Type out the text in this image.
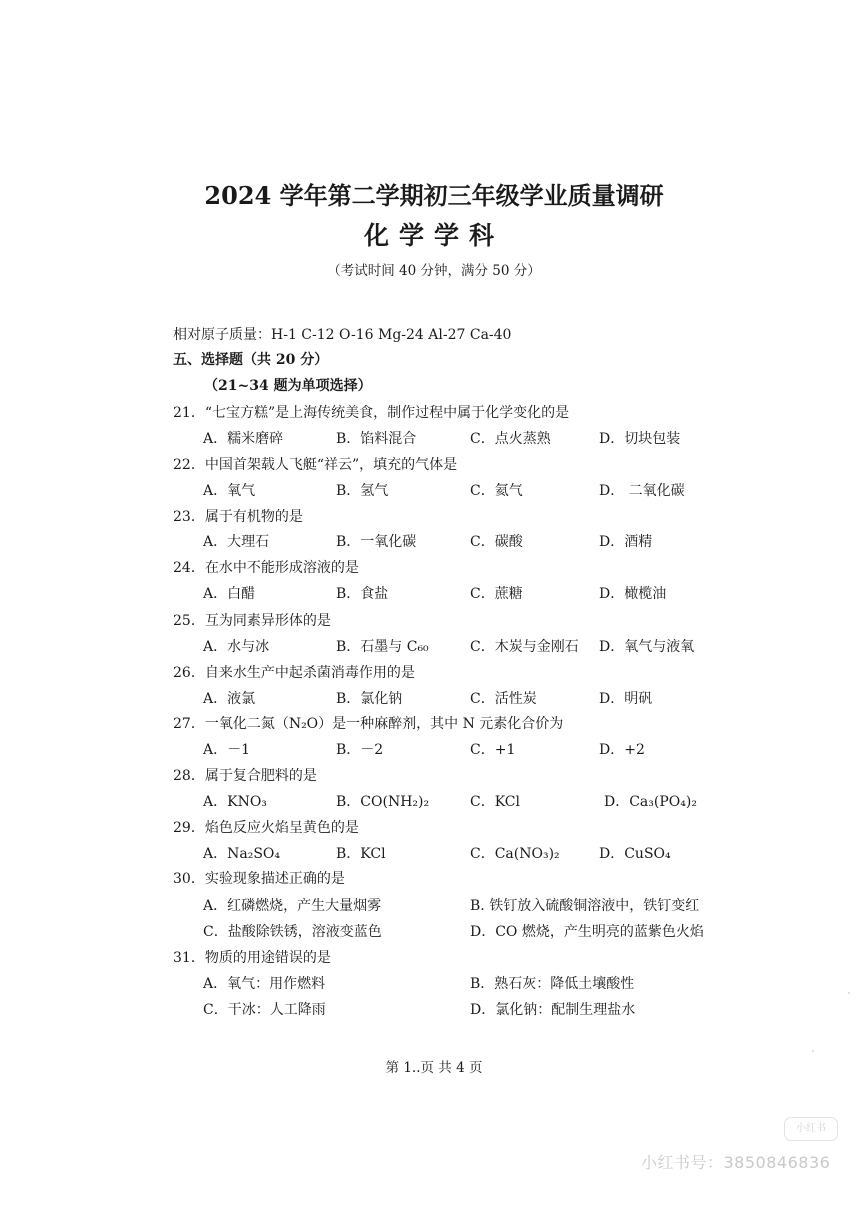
2024 学年第二学期初三年级学业质量调研
化学学科
（考试时间 40 分钟，满分 50 分）
相对原子质量：H-1 C-12 O-16 Mg-24 Al-27 Ca-40
五、选择题（共 20 分）
（21~34 题为单项选择）
21．“七宝方糕”是上海传统美食，制作过程中属于化学变化的是
A．糯米磨碎	B．馅料混合	C．点火蒸熟	D．切块包装
22．中国首架载人飞艇“祥云”，填充的气体是
A．氧气	B．氢气	C．氦气	D． 二氧化碳
23．属于有机物的是
A．大理石	B．一氧化碳	C．碳酸	D．酒精
24．在水中不能形成溶液的是
A．白醋	B．食盐	C．蔗糖	D．橄榄油
25．互为同素异形体的是
A．水与冰	B．石墨与 C₆₀	C．木炭与金刚石 D．氧气与液氧
26．自来水生产中起杀菌消毒作用的是
A．液氯	B．氯化钠	C．活性炭	D．明矾
27．一氧化二氮（N₂O）是一种麻醉剂，其中 N 元素化合价为
A．－1	B．－2	C．+1	D．+2
28．属于复合肥料的是
A．KNO₃	B．CO(NH₂)₂	C．KCl	D．Ca₃(PO₄)₂
29．焰色反应火焰呈黄色的是
A．Na₂SO₄	B．KCl	C．Ca(NO₃)₂	D．CuSO₄
30．实验现象描述正确的是
A．红磷燃烧，产生大量烟雾	B. 铁钉放入硫酸铜溶液中，铁钉变红
C．盐酸除铁锈，溶液变蓝色	D．CO 燃烧，产生明亮的蓝紫色火焰
31．物质的用途错误的是
A．氧气：用作燃料	B．熟石灰：降低土壤酸性
C．干冰：人工降雨	D．氯化钠：配制生理盐水
第 1..页 共 4 页
小红书
小红书号：3850846836
